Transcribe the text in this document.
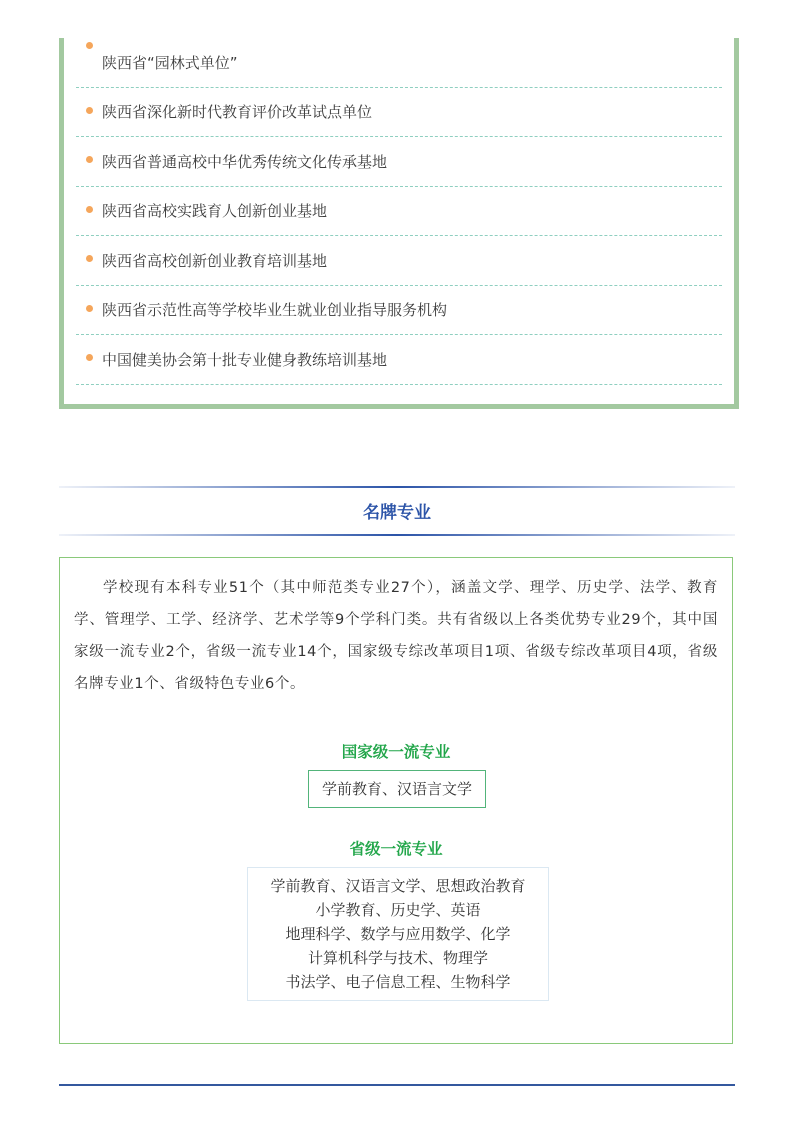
陕西省“园林式单位”
陕西省深化新时代教育评价改革试点单位
陕西省普通高校中华优秀传统文化传承基地
陕西省高校实践育人创新创业基地
陕西省高校创新创业教育培训基地
陕西省示范性高等学校毕业生就业创业指导服务机构
中国健美协会第十批专业健身教练培训基地
名牌专业

学校现有本科专业51个（其中师范类专业27个），涵盖文学、理学、历史学、法学、教育学、管理学、工学、经济学、艺术学等9个学科门类。共有省级以上各类优势专业29个，其中国家级一流专业2个，省级一流专业14个，国家级专综改革项目1项、省级专综改革项目4项，省级名牌专业1个、省级特色专业6个。

国家级一流专业
学前教育、汉语言文学
省级一流专业
学前教育、汉语言文学、思想政治教育
小学教育、历史学、英语
地理科学、数学与应用数学、化学
计算机科学与技术、物理学
书法学、电子信息工程、生物科学
